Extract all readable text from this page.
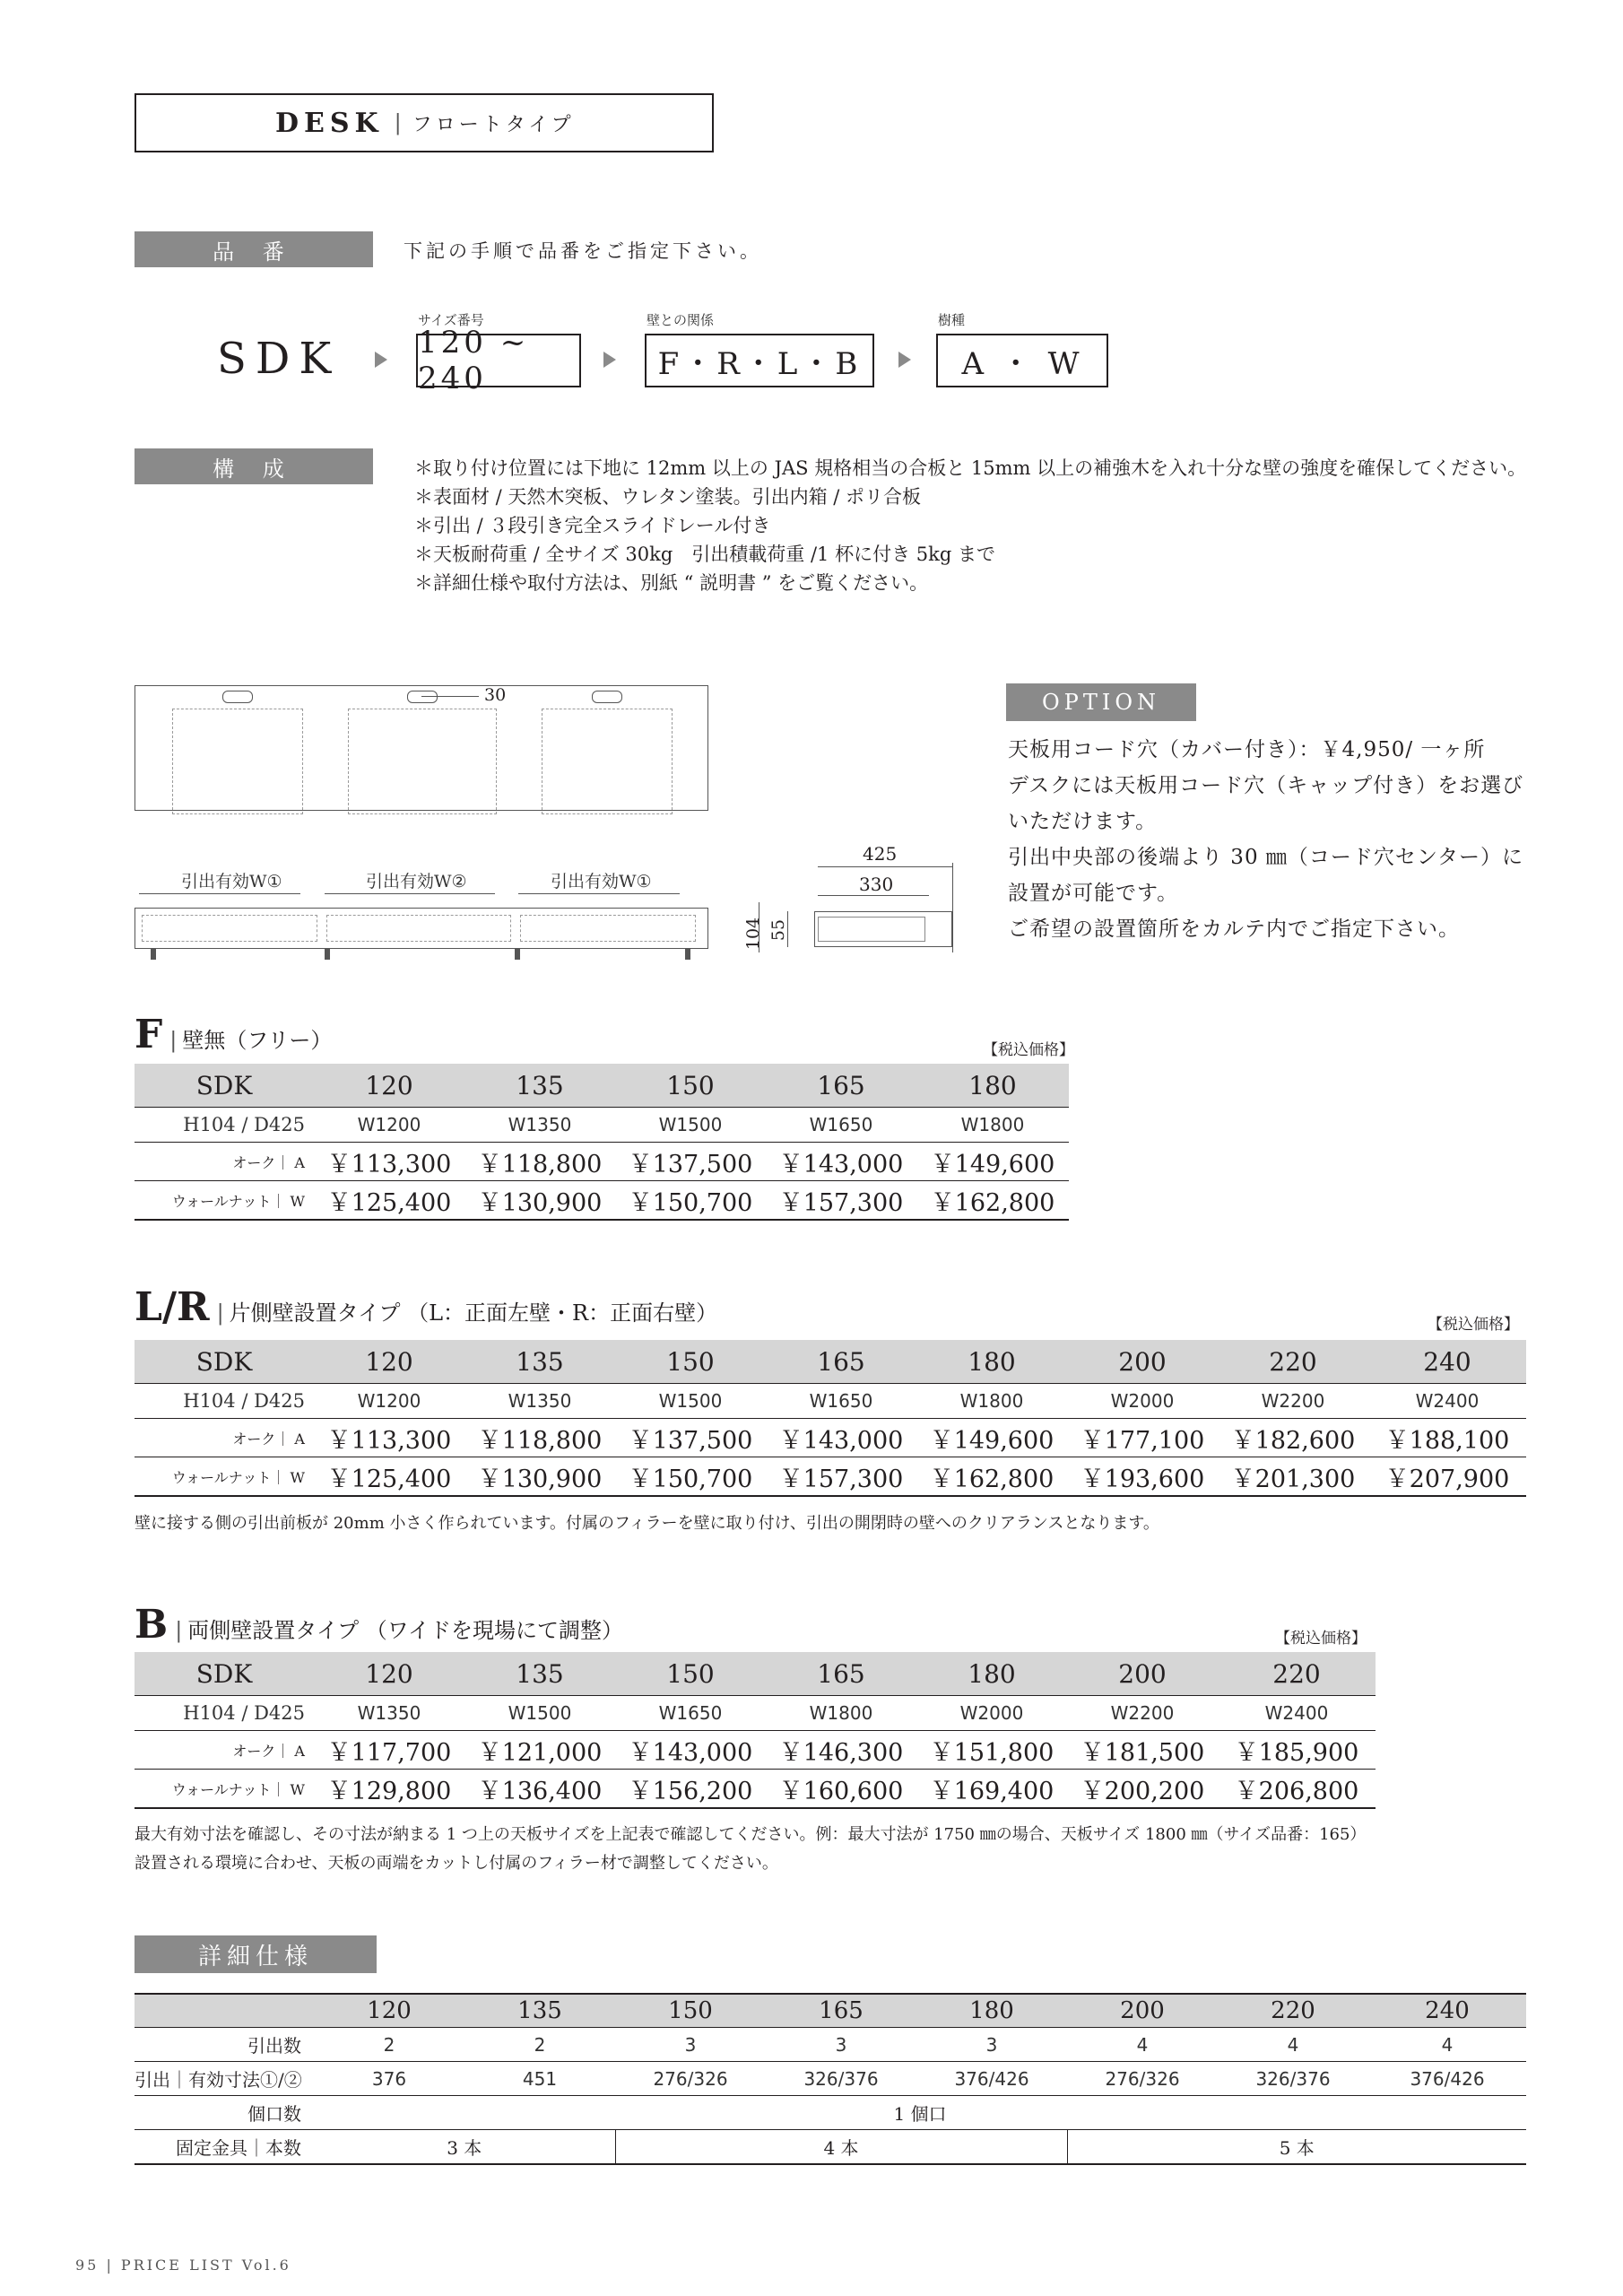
DESK | フロートタイプ
品 番	下記の手順で品番をご指定下さい。
SDK
サイズ番号
120 ~ 240
壁との関係
F・R・L・B
樹種
A ・ W
構 成	＊取り付け位置には下地に 12mm 以上の JAS 規格相当の合板と 15mm 以上の補強木を入れ十分な壁の強度を確保してください。
＊表面材 / 天然木突板、ウレタン塗装。引出内箱 / ポリ合板
＊引出 / ３段引き完全スライドレール付き
＊天板耐荷重 / 全サイズ 30kg　引出積載荷重 /1 杯に付き 5kg まで
＊詳細仕様や取付方法は、別紙 “ 説明書 ” をご覧ください。
30
引出有効W①	引出有効W②	引出有効W①
425
330
104 55
OPTION
天板用コード穴（カバー付き）：￥4,950/ 一ヶ所
デスクには天板用コード穴（キャップ付き）をお選び
いただけます。
引出中央部の後端より 30 ㎜（コード穴センター）に
設置が可能です。
ご希望の設置箇所をカルテ内でご指定下さい。
F | 壁無（フリー）	【税込価格】
SDK	120	135	150	165	180
H104 / D425	W1200	W1350	W1500	W1650	W1800
オーク｜ A	￥113,300	￥118,800	￥137,500	￥143,000	￥149,600
ウォールナット｜ W	￥125,400	￥130,900	￥150,700	￥157,300	￥162,800
L/R | 片側壁設置タイプ （L：正面左壁・R：正面右壁）	【税込価格】
SDK	120	135	150	165	180	200	220	240
H104 / D425	W1200	W1350	W1500	W1650	W1800	W2000	W2200	W2400
オーク｜ A	￥113,300	￥118,800	￥137,500	￥143,000	￥149,600	￥177,100	￥182,600	￥188,100
ウォールナット｜ W	￥125,400	￥130,900	￥150,700	￥157,300	￥162,800	￥193,600	￥201,300	￥207,900
壁に接する側の引出前板が 20mm 小さく作られています。付属のフィラーを壁に取り付け、引出の開閉時の壁へのクリアランスとなります。
B | 両側壁設置タイプ （ワイドを現場にて調整）	【税込価格】
SDK	120	135	150	165	180	200	220
H104 / D425	W1350	W1500	W1650	W1800	W2000	W2200	W2400
オーク｜ A	￥117,700	￥121,000	￥143,000	￥146,300	￥151,800	￥181,500	￥185,900
ウォールナット｜ W	￥129,800	￥136,400	￥156,200	￥160,600	￥169,400	￥200,200	￥206,800
最大有効寸法を確認し、その寸法が納まる 1 つ上の天板サイズを上記表で確認してください。例：最大寸法が 1750 ㎜の場合、天板サイズ 1800 ㎜（サイズ品番：165）
設置される環境に合わせ、天板の両端をカットし付属のフィラー材で調整してください。
詳細仕様
	120	135	150	165	180	200	220	240
引出数	2	2	3	3	3	4	4	4
引出｜有効寸法①/②	376	451	276/326	326/376	376/426	276/326	326/376	376/426
個口数	1 個口							
固定金具｜本数	3 本		4 本			5 本		
95 | PRICE LIST Vol.6
